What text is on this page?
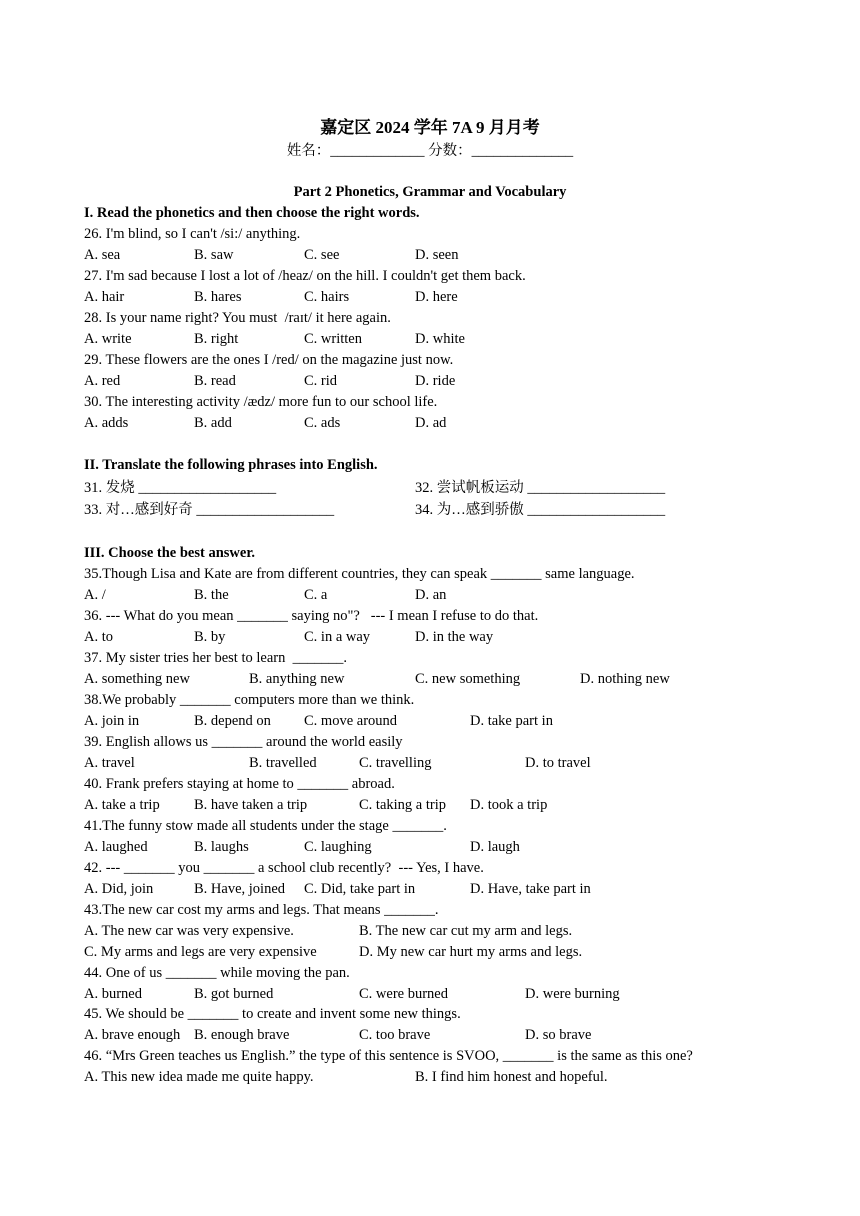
嘉定区 2024 学年 7A 9 月月考
姓名：_____________ 分数：______________
Part 2 Phonetics, Grammar and Vocabulary
I. Read the phonetics and then choose the right words.
26. I'm blind, so I can't /si:/ anything.
A. sea	B. saw	C. see	D. seen
27. I'm sad because I lost a lot of /heaz/ on the hill. I couldn't get them back.
A. hair	B. hares	C. hairs	D. here
28. Is your name right? You must  /raɪt/ it here again.
A. write	B. right	C. written	D. white
29. These flowers are the ones I /red/ on the magazine just now.
A. red	B. read	C. rid	D. ride
30. The interesting activity /ædz/ more fun to our school life.
A. adds	B. add	C. ads	D. ad
II. Translate the following phrases into English.
31. 发烧 ___________________	32. 尝试帆板运动 ___________________
33. 对…感到好奇 ___________________	34. 为…感到骄傲 ___________________
III. Choose the best answer.
35.Though Lisa and Kate are from different countries, they can speak _______ same language.
A. /	B. the	C. a	D. an
36. --- What do you mean _______ saying no"?   --- I mean I refuse to do that.
A. to	B. by	C. in a way	D. in the way
37. My sister tries her best to learn  _______.
A. something new	B. anything new	C. new something	D. nothing new
38.We probably _______ computers more than we think.
A. join in	B. depend on C. move around	D. take part in
39. English allows us _______ around the world easily
A. travel	B. travelled	C. travelling	D. to travel
40. Frank prefers staying at home to _______ abroad.
A. take a trip B. have taken a trip	C. taking a trip D. took a trip
41.The funny stow made all students under the stage _______.
A. laughed	B. laughs	C. laughing	D. laugh
42. --- _______ you _______ a school club recently?  --- Yes, I have.
A. Did, join	B. Have, joined C. Did, take part in	D. Have, take part in
43.The new car cost my arms and legs. That means _______.
A. The new car was very expensive.	B. The new car cut my arm and legs.
C. My arms and legs are very expensive	D. My new car hurt my arms and legs.
44. One of us _______ while moving the pan.
A. burned	B. got burned	C. were burned	D. were burning
45. We should be _______ to create and invent some new things.
A. brave enough B. enough brave	C. too brave	D. so brave
46. “Mrs Green teaches us English.” the type of this sentence is SVOO, _______ is the same as this one?
A. This new idea made me quite happy.	B. I find him honest and hopeful.
